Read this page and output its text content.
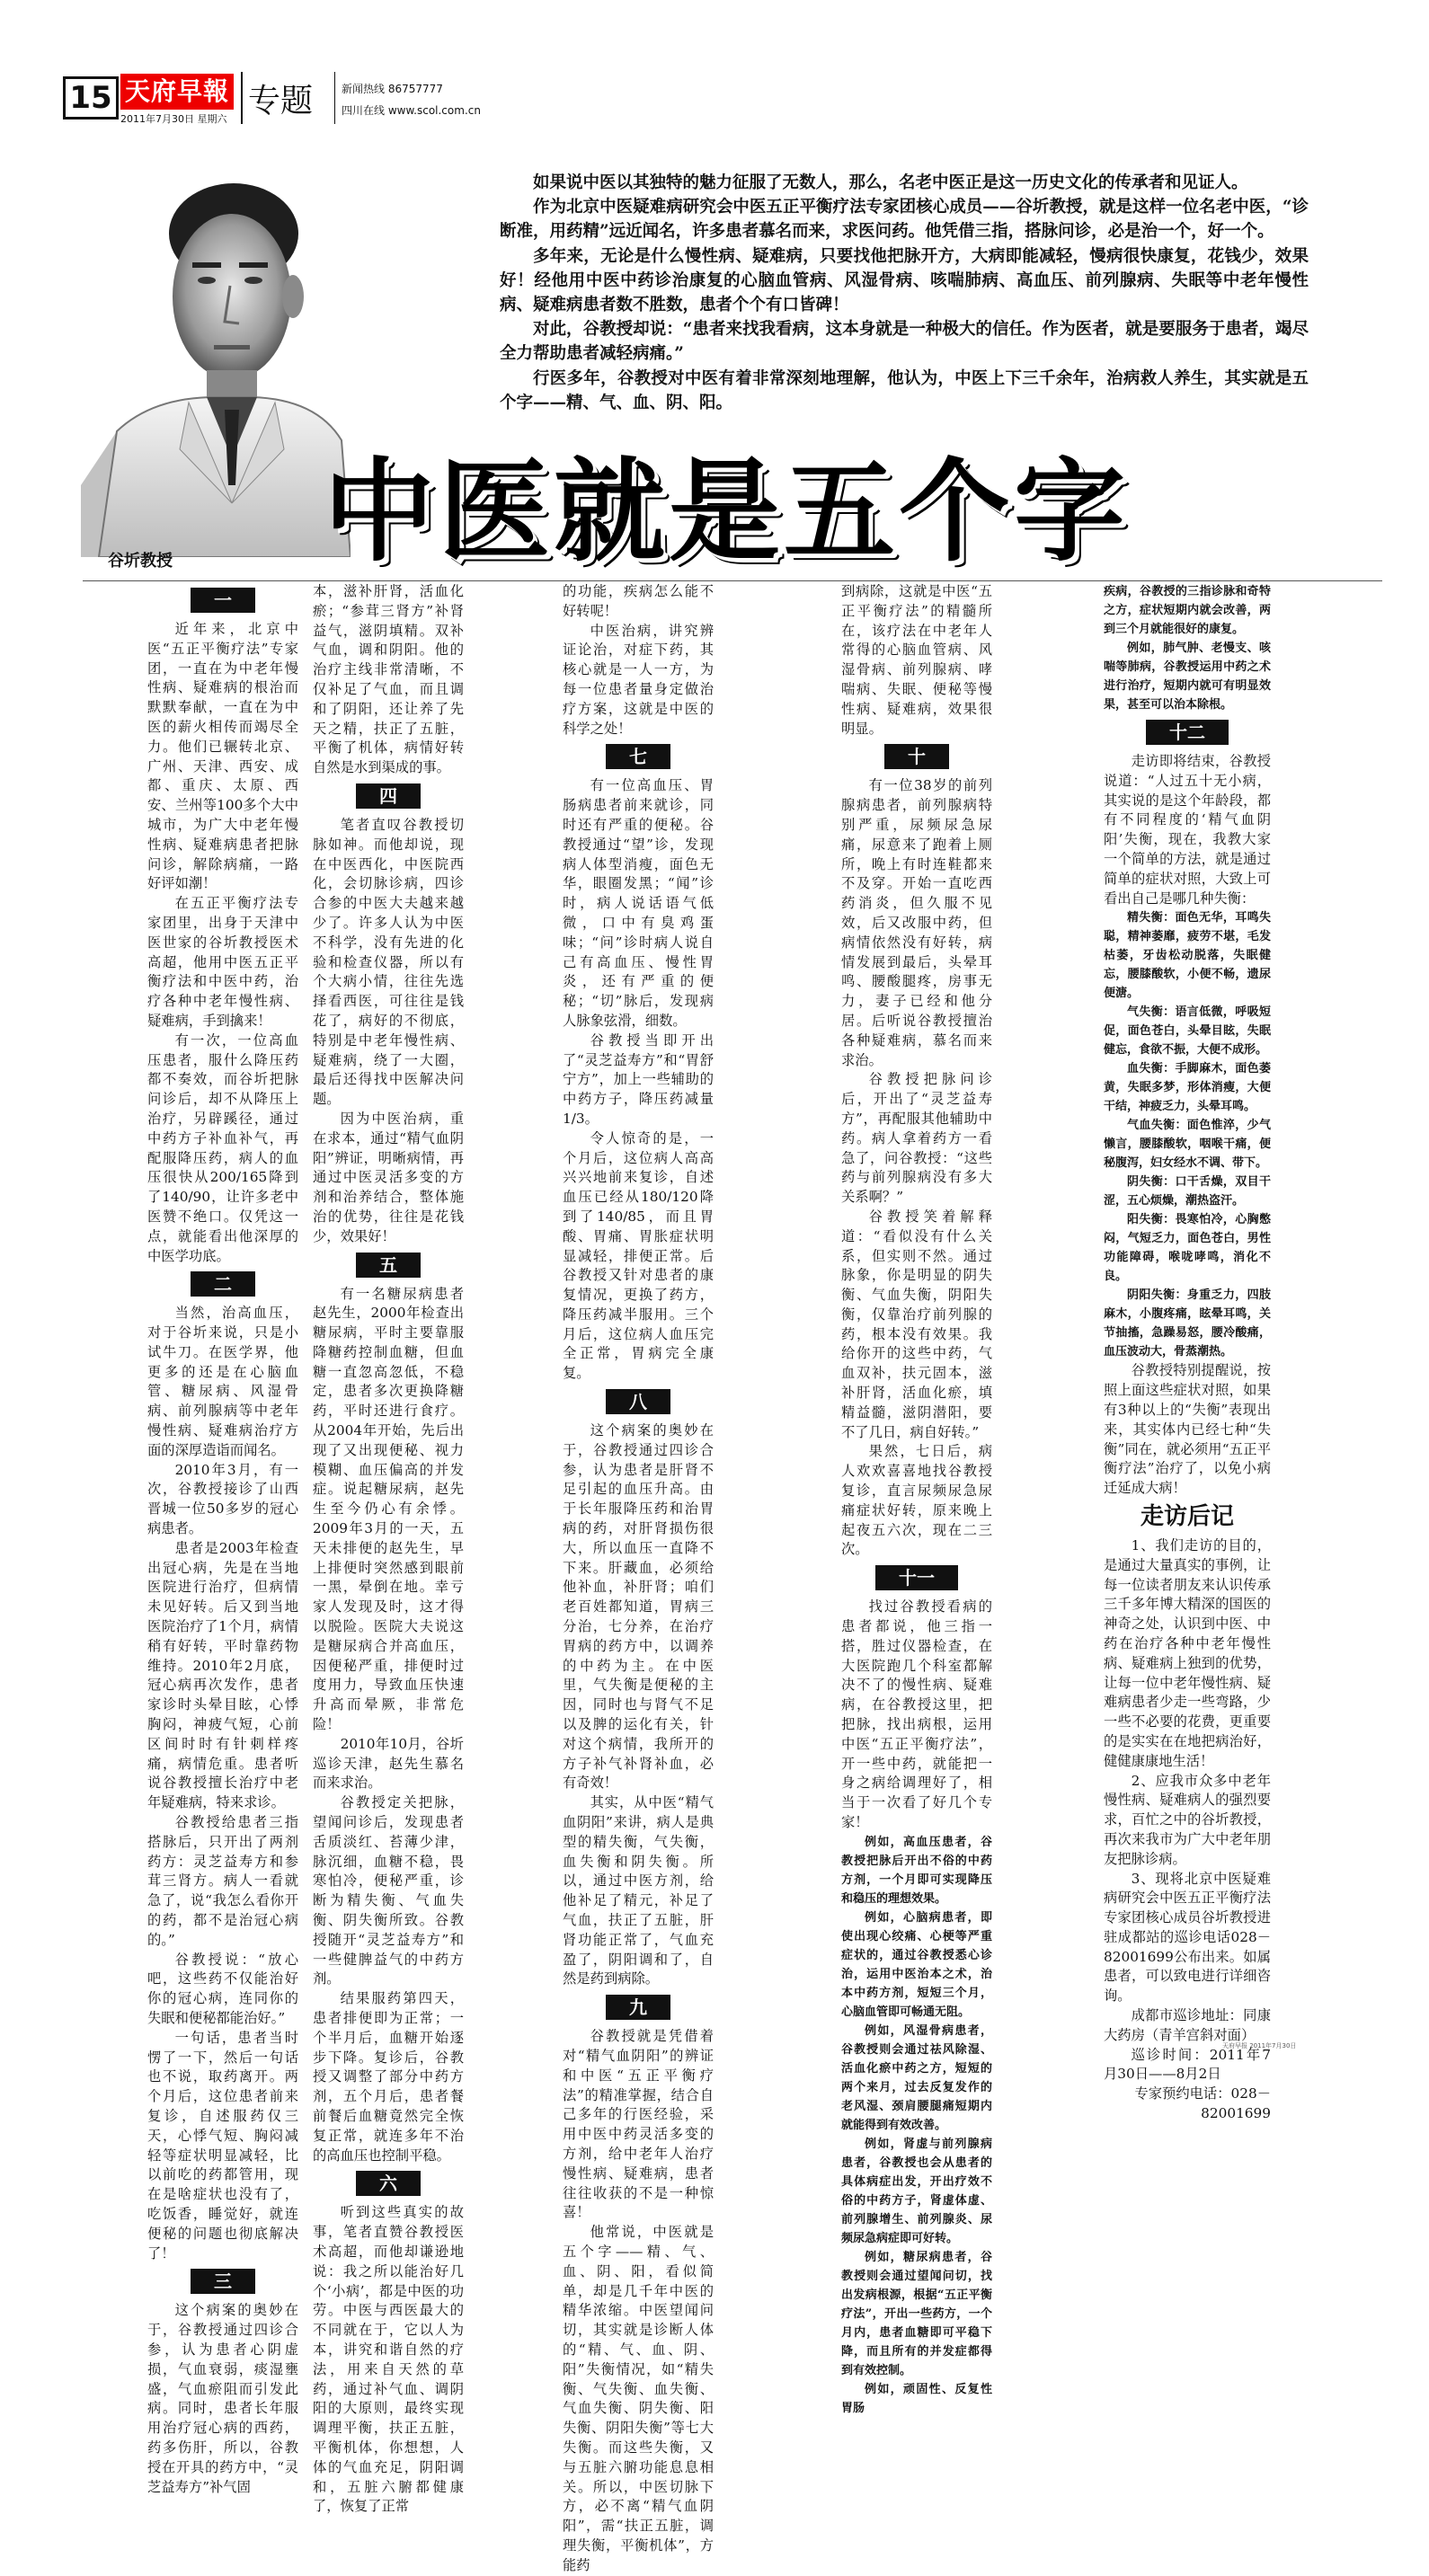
15 天府早報
2011年7月30日 星期六 专题	新闻热线 86757777
四川在线 www.scol.com.cn
谷圻教授

如果说中医以其独特的魅力征服了无数人，那么，名老中医正是这一历史文化的传承者和见证人。

作为北京中医疑难病研究会中医五正平衡疗法专家团核心成员——谷圻教授，就是这样一位名老中医，“诊断准，用药精”远近闻名，许多患者慕名而来，求医问药。他凭借三指，搭脉问诊，必是治一个，好一个。

多年来，无论是什么慢性病、疑难病，只要找他把脉开方，大病即能减轻，慢病很快康复，花钱少，效果好！经他用中医中药诊治康复的心脑血管病、风湿骨病、咳喘肺病、高血压、前列腺病、失眠等中老年慢性病、疑难病患者数不胜数，患者个个有口皆碑！

对此，谷教授却说：“患者来找我看病，这本身就是一种极大的信任。作为医者，就是要服务于患者，竭尽全力帮助患者减轻病痛。”

行医多年，谷教授对中医有着非常深刻地理解，他认为，中医上下三千余年，治病救人养生，其实就是五个字——精、气、血、阴、阳。

中医就是五个字
一

近年来，北京中医“五正平衡疗法”专家团，一直在为中老年慢性病、疑难病的根治而默默奉献，一直在为中医的薪火相传而竭尽全力。他们已辗转北京、广州、天津、西安、成都、重庆、太原、西安、兰州等100多个大中城市，为广大中老年慢性病、疑难病患者把脉问诊，解除病痛，一路好评如潮！

在五正平衡疗法专家团里，出身于天津中医世家的谷圻教授医术高超，他用中医五正平衡疗法和中医中药，治疗各种中老年慢性病、疑难病，手到擒来！

有一次，一位高血压患者，服什么降压药都不奏效，而谷圻把脉问诊后，却不从降压上治疗，另辟蹊径，通过中药方子补血补气，再配服降压药，病人的血压很快从200/165降到了140/90，让许多老中医赞不绝口。仅凭这一点，就能看出他深厚的中医学功底。

二

当然，治高血压，对于谷圻来说，只是小试牛刀。在医学界，他更多的还是在心脑血管、糖尿病、风湿骨病、前列腺病等中老年慢性病、疑难病治疗方面的深厚造诣而闻名。

2010年3月，有一次，谷教授接诊了山西晋城一位50多岁的冠心病患者。

患者是2003年检查出冠心病，先是在当地医院进行治疗，但病情未见好转。后又到当地医院治疗了1个月，病情稍有好转，平时靠药物维持。2010年2月底，冠心病再次发作，患者家诊时头晕目眩，心悸胸闷，神疲气短，心前区间时时有针刺样疼痛，病情危重。患者听说谷教授擅长治疗中老年疑难病，特来求诊。

谷教授给患者三指搭脉后，只开出了两剂药方：灵芝益寿方和参茸三肾方。病人一看就急了，说“我怎么看你开的药，都不是治冠心病的。”

谷教授说：“放心吧，这些药不仅能治好你的冠心病，连同你的失眠和便秘都能治好。”

一句话，患者当时愣了一下，然后一句话也不说，取药离开。两个月后，这位患者前来复诊，自述服药仅三天，心悸气短、胸闷减轻等症状明显减轻，比以前吃的药都管用，现在是啥症状也没有了，吃饭香，睡觉好，就连便秘的问题也彻底解决了！

三

这个病案的奥妙在于，谷教授通过四诊合参，认为患者心阴虚损，气血衰弱，痰湿壅盛，气血瘀阻而引发此病。同时，患者长年服用治疗冠心病的西药，药多伤肝，所以，谷教授在开具的药方中，“灵芝益寿方”补气固

本，滋补肝肾，活血化瘀；“参茸三肾方”补肾益气，滋阴填精。双补气血，调和阴阳。他的治疗主线非常清晰，不仅补足了气血，而且调和了阴阳，还让养了先天之精，扶正了五脏，平衡了机体，病情好转自然是水到渠成的事。

四

笔者直叹谷教授切脉如神。而他却说，现在中医西化，中医院西化，会切脉诊病，四诊合参的中医大夫越来越少了。许多人认为中医不科学，没有先进的化验和检查仪器，所以有个大病小情，往往先选择看西医，可往往是钱花了，病好的不彻底，特别是中老年慢性病、疑难病，绕了一大圈，最后还得找中医解决问题。

因为中医治病，重在求本，通过“精气血阴阳”辨证，明晰病情，再通过中医灵活多变的方剂和治养结合，整体施治的优势，往往是花钱少，效果好！

五

有一名糖尿病患者赵先生，2000年检查出糖尿病，平时主要靠服降糖药控制血糖，但血糖一直忽高忽低，不稳定，患者多次更换降糖药，平时还进行食疗。从2004年开始，先后出现了又出现便秘、视力模糊、血压偏高的并发症。说起糖尿病，赵先生至今仍心有余悸。2009年3月的一天，五天未排便的赵先生，早上排便时突然感到眼前一黑，晕倒在地。幸亏家人发现及时，这才得以脱险。医院大夫说这是糖尿病合并高血压，因便秘严重，排便时过度用力，导致血压快速升高而晕厥，非常危险！

2010年10月，谷圻巡诊天津，赵先生慕名而来求治。

谷教授定关把脉，望闻问诊后，发现患者舌质淡红、苔薄少津，脉沉细，血糖不稳，畏寒怕冷，便秘严重，诊断为精失衡、气血失衡、阴失衡所致。谷教授随开“灵芝益寿方”和一些健脾益气的中药方剂。

结果服药第四天，患者排便即为正常；一个半月后，血糖开始逐步下降。复诊后，谷教授又调整了部分中药方剂，五个月后，患者餐前餐后血糖竟然完全恢复正常，就连多年不治的高血压也控制平稳。

六

听到这些真实的故事，笔者直赞谷教授医术高超，而他却谦逊地说：我之所以能治好几个‘小病’，都是中医的功劳。中医与西医最大的不同就在于，它以人为本，讲究和谐自然的疗法，用来自天然的草药，通过补气血、调阴阳的大原则，最终实现调理平衡，扶正五脏，平衡机体，你想想，人体的气血充足，阴阳调和，五脏六腑都健康了，恢复了正常

的功能，疾病怎么能不好转呢！

中医治病，讲究辨证论治，对症下药，其核心就是一人一方，为每一位患者量身定做治疗方案，这就是中医的科学之处！

七

有一位高血压、胃肠病患者前来就诊，同时还有严重的便秘。谷教授通过“望”诊，发现病人体型消瘦，面色无华，眼圈发黑；“闻”诊时，病人说话语气低微，口中有臭鸡蛋味；“问”诊时病人说自己有高血压、慢性胃炎，还有严重的便秘；“切”脉后，发现病人脉象弦滑，细数。

谷教授当即开出了“灵芝益寿方”和“胃舒宁方”，加上一些辅助的中药方子，降压药减量1/3。

令人惊奇的是，一个月后，这位病人高高兴兴地前来复诊，自述血压已经从180/120降到了140/85，而且胃酸、胃痛、胃胀症状明显减轻，排便正常。后谷教授又针对患者的康复情况，更换了药方，降压药减半服用。三个月后，这位病人血压完全正常，胃病完全康复。

八

这个病案的奥妙在于，谷教授通过四诊合参，认为患者是肝肾不足引起的血压升高。由于长年服降压药和治胃病的药，对肝肾损伤很大，所以血压一直降不下来。肝藏血，必须给他补血，补肝肾；咱们老百姓都知道，胃病三分治，七分养，在治疗胃病的药方中，以调养的中药为主。在中医里，气失衡是便秘的主因，同时也与肾气不足以及脾的运化有关，针对这个病情，我所开的方子补气补肾补血，必有奇效！

其实，从中医“精气血阴阳”来讲，病人是典型的精失衡，气失衡，血失衡和阴失衡。所以，通过中医方剂，给他补足了精元，补足了气血，扶正了五脏，肝肾功能正常了，气血充盈了，阴阳调和了，自然是药到病除。

九

谷教授就是凭借着对“精气血阴阳”的辨证和中医“五正平衡疗法”的精准掌握，结合自己多年的行医经验，采用中医中药灵活多变的方剂，给中老年人治疗慢性病、疑难病，患者往往收获的不是一种惊喜！

他常说，中医就是五个字——精、气、血、阴、阳，看似简单，却是几千年中医的精华浓缩。中医望闻问切，其实就是诊断人体的“精、气、血、阴、阳”失衡情况，如“精失衡、气失衡、血失衡、气血失衡、阴失衡、阳失衡、阴阳失衡”等七大失衡。而这些失衡，又与五脏六腑功能息息相关。所以，中医切脉下方，必不离“精气血阴阳”，需“扶正五脏，调理失衡，平衡机体”，方能药

到病除，这就是中医“五正平衡疗法”的精髓所在，该疗法在中老年人常得的心脑血管病、风湿骨病、前列腺病、哮喘病、失眠、便秘等慢性病、疑难病，效果很明显。

十

有一位38岁的前列腺病患者，前列腺病特别严重，尿频尿急尿痛，尿意来了跑着上厕所，晚上有时连鞋都来不及穿。开始一直吃西药消炎，但久服不见效，后又改服中药，但病情依然没有好转，病情发展到最后，头晕耳鸣、腰酸腿疼，房事无力，妻子已经和他分居。后听说谷教授擅治各种疑难病，慕名而来求治。

谷教授把脉问诊后，开出了“灵芝益寿方”，再配服其他辅助中药。病人拿着药方一看急了，问谷教授：“这些药与前列腺病没有多大关系啊？”

谷教授笑着解释道：“看似没有什么关系，但实则不然。通过脉象，你是明显的阴失衡、气血失衡，阴阳失衡，仅靠治疗前列腺的药，根本没有效果。我给你开的这些中药，气血双补，扶元固本，滋补肝肾，活血化瘀，填精益髓，滋阴潜阳，要不了几日，病自好转。”

果然，七日后，病人欢欢喜喜地找谷教授复诊，直言尿频尿急尿痛症状好转，原来晚上起夜五六次，现在二三次。

十一

找过谷教授看病的患者都说，他三指一搭，胜过仪器检查，在大医院跑几个科室都解决不了的慢性病、疑难病，在谷教授这里，把把脉，找出病根，运用中医“五正平衡疗法”，开一些中药，就能把一身之病给调理好了，相当于一次看了好几个专家！

例如，高血压患者，谷教授把脉后开出不俗的中药方剂，一个月即可实现降压和稳压的理想效果。

例如，心脑病患者，即使出现心绞痛、心梗等严重症状的，通过谷教授悉心诊治，运用中医治本之术，治本中药方剂，短短三个月，心脑血管即可畅通无阻。

例如，风湿骨病患者，谷教授则会通过祛风除湿、活血化瘀中药之方，短短的两个来月，过去反复发作的老风湿、颈肩腰腿痛短期内就能得到有效改善。

例如，肾虚与前列腺病患者，谷教授也会从患者的具体病症出发，开出疗效不俗的中药方子，肾虚体虚、前列腺增生、前列腺炎、尿频尿急病症即可好转。

例如，糖尿病患者，谷教授则会通过望闻问切，找出发病根源，根据“五正平衡疗法”，开出一些药方，一个月内，患者血糖即可平稳下降，而且所有的并发症都得到有效控制。

例如，顽固性、反复性胃肠

疾病，谷教授的三指诊脉和奇特之方，症状短期内就会改善，两到三个月就能很好的康复。

例如，肺气肿、老慢支、咳喘等肺病，谷教授运用中药之术进行治疗，短期内就可有明显效果，甚至可以治本除根。

十二

走访即将结束，谷教授说道：“人过五十无小病，其实说的是这个年龄段，都有不同程度的‘精气血阴阳’失衡，现在，我教大家一个简单的方法，就是通过简单的症状对照，大致上可看出自己是哪几种失衡：

精失衡：面色无华，耳鸣失聪，精神萎靡，疲劳不堪，毛发枯萎，牙齿松动脱落，失眠健忘，腰膝酸软，小便不畅，遗尿便溏。

气失衡：语言低微，呼吸短促，面色苍白，头晕目眩，失眠健忘，食欲不振，大便不成形。

血失衡：手脚麻木，面色萎黄，失眠多梦，形体消瘦，大便干结，神疲乏力，头晕耳鸣。

气血失衡：面色惟淬，少气懒言，腰膝酸软，咽喉干痛，便秘腹泻，妇女经水不调、带下。

阴失衡：口干舌燥，双目干涩，五心烦燥，潮热盗汗。

阳失衡：畏寒怕冷，心胸憋闷，气短乏力，面色苍白，男性功能障碍，喉咙哮鸣，消化不良。

阴阳失衡：身重乏力，四肢麻木，小腹疼痛，眩晕耳鸣，关节抽搐，急躁易怒，腰冷酸痛，血压波动大，骨蒸潮热。

谷教授特别提醒说，按照上面这些症状对照，如果有3种以上的“失衡”表现出来，其实体内已经七种“失衡”同在，就必须用“五正平衡疗法”治疗了，以免小病迁延成大病！

走访后记

1、我们走访的目的，是通过大量真实的事例，让每一位读者朋友来认识传承三千多年博大精深的国医的神奇之处，认识到中医、中药在治疗各种中老年慢性病、疑难病上独到的优势，让每一位中老年慢性病、疑难病患者少走一些弯路，少一些不必要的花费，更重要的是实实在在地把病治好，健健康康地生活！

2、应我市众多中老年慢性病、疑难病人的强烈要求，百忙之中的谷圻教授，再次来我市为广大中老年朋友把脉诊病。

3、现将北京中医疑难病研究会中医五正平衡疗法专家团核心成员谷圻教授进驻成都站的巡诊电话028－82001699公布出来。如属患者，可以致电进行详细咨询。

成都市巡诊地址：同康大药房（青羊宫斜对面）

巡诊时间：2011年7月30日——8月2日

专家预约电话：028－82001699

天府早报 2011年7月30日
